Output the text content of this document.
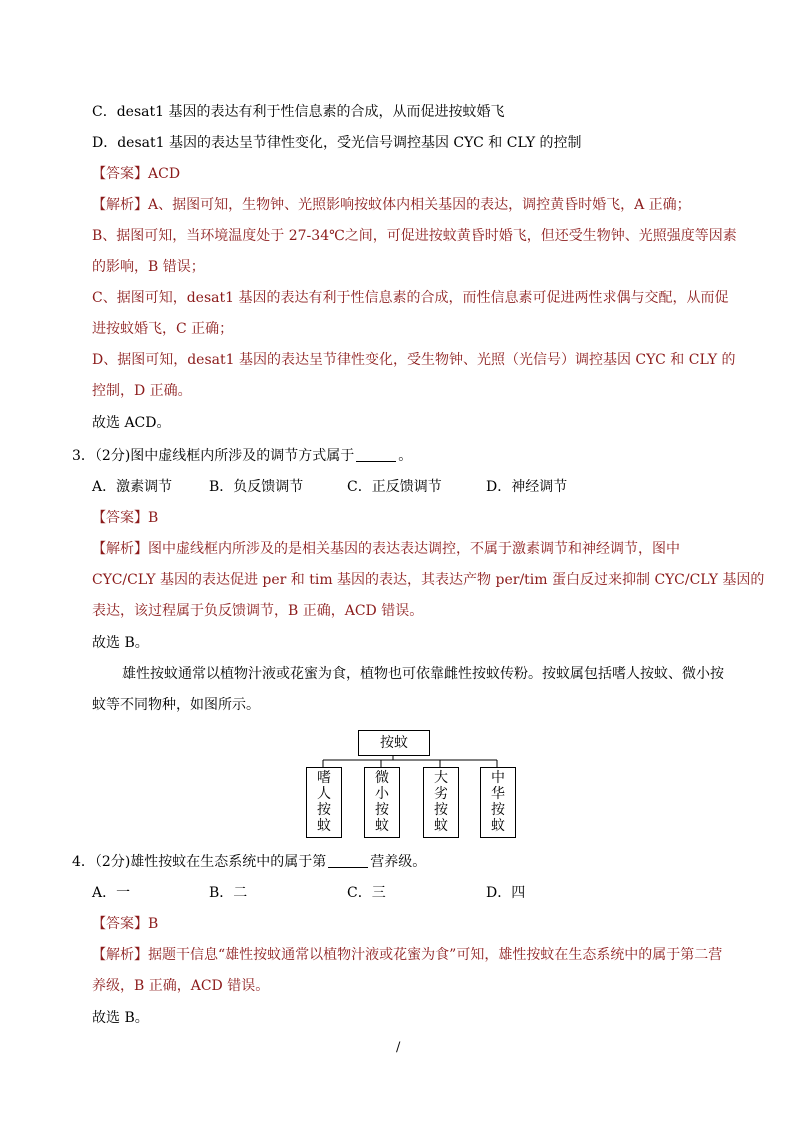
C．desat1 基因的表达有利于性信息素的合成，从而促进按蚊婚飞
D．desat1 基因的表达呈节律性变化，受光信号调控基因 CYC 和 CLY 的控制
【答案】ACD
【解析】A、据图可知，生物钟、光照影响按蚊体内相关基因的表达，调控黄昏时婚飞，A 正确；
B、据图可知，当环境温度处于 27-34℃之间，可促进按蚊黄昏时婚飞，但还受生物钟、光照强度等因素
的影响，B 错误；
C、据图可知，desat1 基因的表达有利于性信息素的合成，而性信息素可促进两性求偶与交配，从而促
进按蚊婚飞，C 正确；
D、据图可知，desat1 基因的表达呈节律性变化，受生物钟、光照（光信号）调控基因 CYC 和 CLY 的
控制，D 正确。
故选 ACD。
3．（2分)图中虚线框内所涉及的调节方式属于	。
A．激素调节	B．负反馈调节	C．正反馈调节	D．神经调节
【答案】B
【解析】图中虚线框内所涉及的是相关基因的表达表达调控，不属于激素调节和神经调节，图中
CYC/CLY 基因的表达促进 per 和 tim 基因的表达，其表达产物 per/tim 蛋白反过来抑制 CYC/CLY 基因的
表达，该过程属于负反馈调节，B 正确，ACD 错误。
故选 B。
雄性按蚊通常以植物汁液或花蜜为食，植物也可依靠雌性按蚊传粉。按蚊属包括嗜人按蚊、微小按
蚊等不同物种，如图所示。
按蚊
嗜人按蚊
微小按蚊
大劣按蚊
中华按蚊
4．（2分)雄性按蚊在生态系统中的属于第	营养级。
A．一	B．二	C．三	D．四
【答案】B
【解析】据题干信息“雄性按蚊通常以植物汁液或花蜜为食”可知，雄性按蚊在生态系统中的属于第二营
养级，B 正确，ACD 错误。
故选 B。
/
